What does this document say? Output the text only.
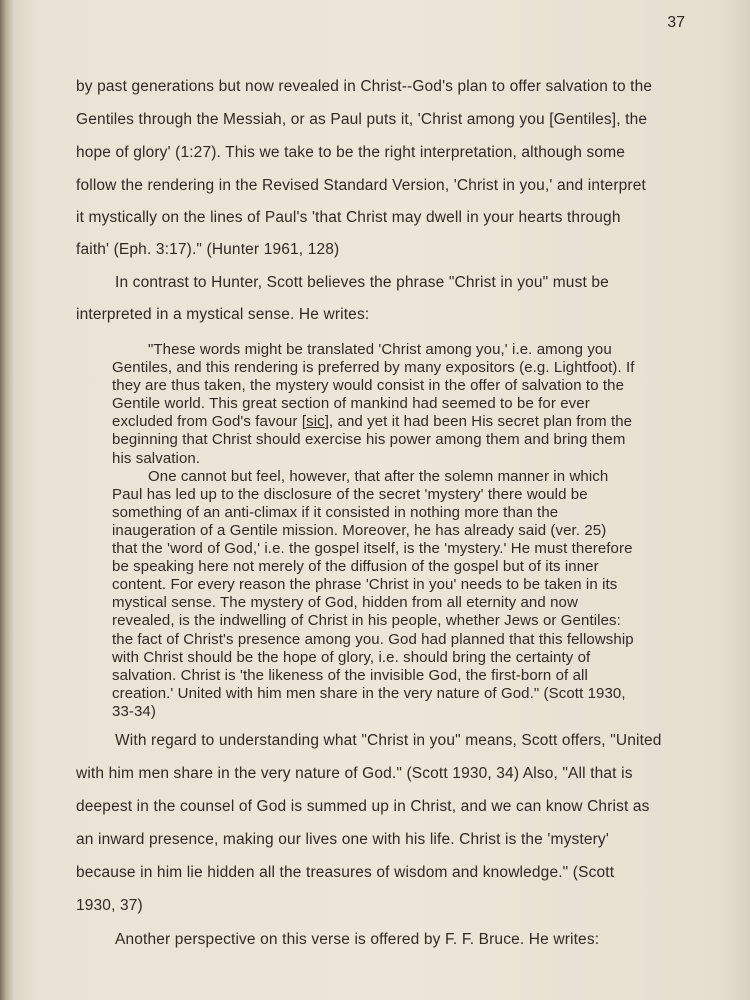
37
by past generations but now revealed in Christ--God's plan to offer salvation to the
Gentiles through the Messiah, or as Paul puts it, 'Christ among you [Gentiles], the
hope of glory' (1:27). This we take to be the right interpretation, although some
follow the rendering in the Revised Standard Version, 'Christ in you,' and interpret
it mystically on the lines of Paul's 'that Christ may dwell in your hearts through
faith' (Eph. 3:17)." (Hunter 1961, 128)
In contrast to Hunter, Scott believes the phrase "Christ in you" must be
interpreted in a mystical sense. He writes:
"These words might be translated 'Christ among you,' i.e. among you
Gentiles, and this rendering is preferred by many expositors (e.g. Lightfoot). If
they are thus taken, the mystery would consist in the offer of salvation to the
Gentile world. This great section of mankind had seemed to be for ever
excluded from God's favour [sic], and yet it had been His secret plan from the
beginning that Christ should exercise his power among them and bring them
his salvation.
One cannot but feel, however, that after the solemn manner in which
Paul has led up to the disclosure of the secret 'mystery' there would be
something of an anti-climax if it consisted in nothing more than the
inaugeration of a Gentile mission. Moreover, he has already said (ver. 25)
that the 'word of God,' i.e. the gospel itself, is the 'mystery.' He must therefore
be speaking here not merely of the diffusion of the gospel but of its inner
content. For every reason the phrase 'Christ in you' needs to be taken in its
mystical sense. The mystery of God, hidden from all eternity and now
revealed, is the indwelling of Christ in his people, whether Jews or Gentiles:
the fact of Christ's presence among you. God had planned that this fellowship
with Christ should be the hope of glory, i.e. should bring the certainty of
salvation. Christ is 'the likeness of the invisible God, the first-born of all
creation.' United with him men share in the very nature of God." (Scott 1930,
33-34)
With regard to understanding what "Christ in you" means, Scott offers, "United
with him men share in the very nature of God." (Scott 1930, 34) Also, "All that is
deepest in the counsel of God is summed up in Christ, and we can know Christ as
an inward presence, making our lives one with his life. Christ is the 'mystery'
because in him lie hidden all the treasures of wisdom and knowledge." (Scott
1930, 37)
Another perspective on this verse is offered by F. F. Bruce. He writes:
